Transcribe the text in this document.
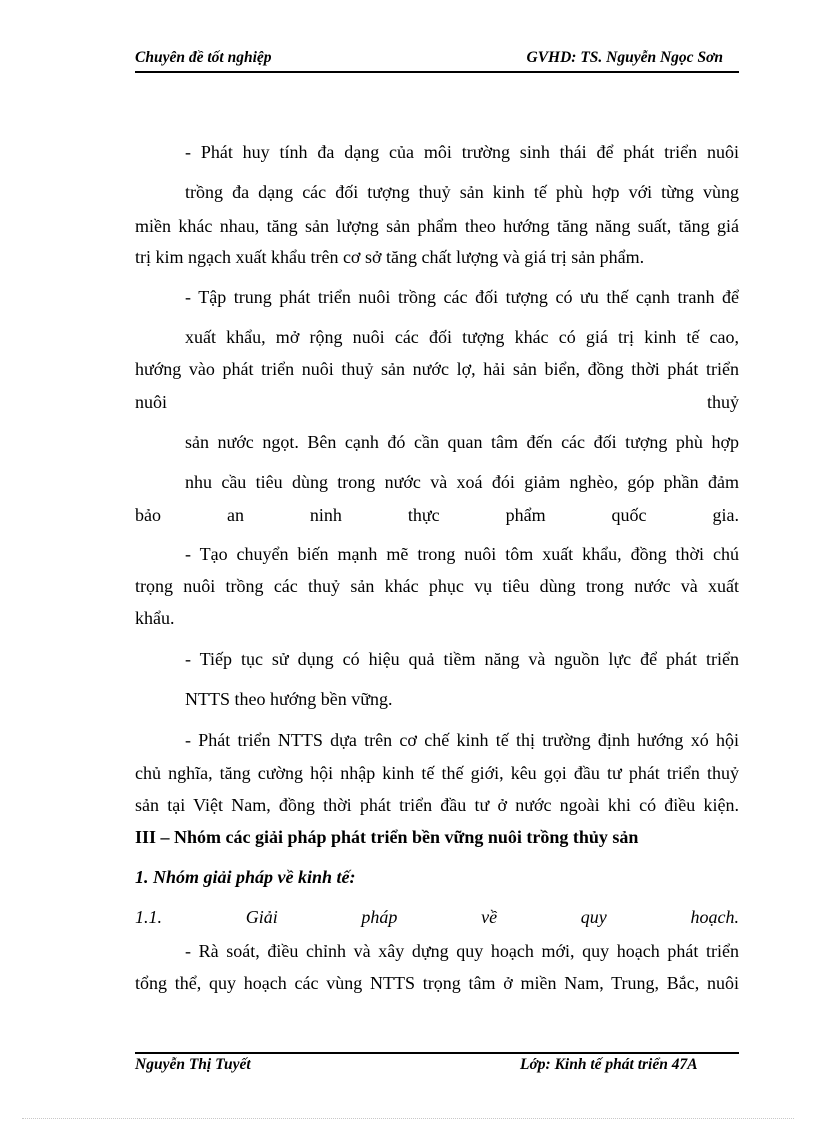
Chuyên đề tốt nghiệp	GVHD: TS. Nguyễn Ngọc Sơn
- Phát huy tính đa dạng của môi trường sinh thái để phát triển nuôi
trồng đa dạng các đối tượng thuỷ sản kinh tế phù hợp với từng vùng
miền khác nhau, tăng sản lượng sản phẩm theo hướng tăng năng suất, tăng giá
trị kim ngạch xuất khẩu trên cơ sở tăng chất lượng và giá trị sản phẩm.
- Tập trung phát triển nuôi trồng các đối tượng có ưu thế cạnh tranh để
xuất khẩu, mở rộng nuôi các đối tượng khác có giá trị kinh tế cao,
hướng vào phát triển nuôi thuỷ sản nước lợ, hải sản biển, đồng thời phát triển
nuôi	thuỷ
sản nước ngọt. Bên cạnh đó cần quan tâm đến các đối tượng phù hợp
nhu cầu tiêu dùng trong nước và xoá đói giảm nghèo, góp phần đảm
bảo an ninh thực phẩm quốc gia.
- Tạo chuyển biến mạnh mẽ trong nuôi tôm xuất khẩu, đồng thời chú
trọng nuôi trồng các thuỷ sản khác phục vụ tiêu dùng trong nước và xuất
khẩu.
- Tiếp tục sử dụng có hiệu quả tiềm năng và nguồn lực để phát triển
NTTS theo hướng bền vững.
- Phát triển NTTS dựa trên cơ chế kinh tế thị trường định hướng xó hội
chủ nghĩa, tăng cường hội nhập kinh tế thế giới, kêu gọi đầu tư phát triển thuỷ
sản tại Việt Nam, đồng thời phát triển đầu tư ở nước ngoài khi có điều kiện.
III – Nhóm các giải pháp phát triển bền vững nuôi trồng thủy sản
1. Nhóm giải pháp về kinh tế:
1.1. Giải pháp về quy hoạch.
- Rà soát, điều chỉnh và xây dựng quy hoạch mới, quy hoạch phát triển
tổng thể, quy hoạch các vùng NTTS trọng tâm ở miền Nam, Trung, Bắc, nuôi
Nguyễn Thị Tuyết	Lớp: Kinh tế phát triển 47A
